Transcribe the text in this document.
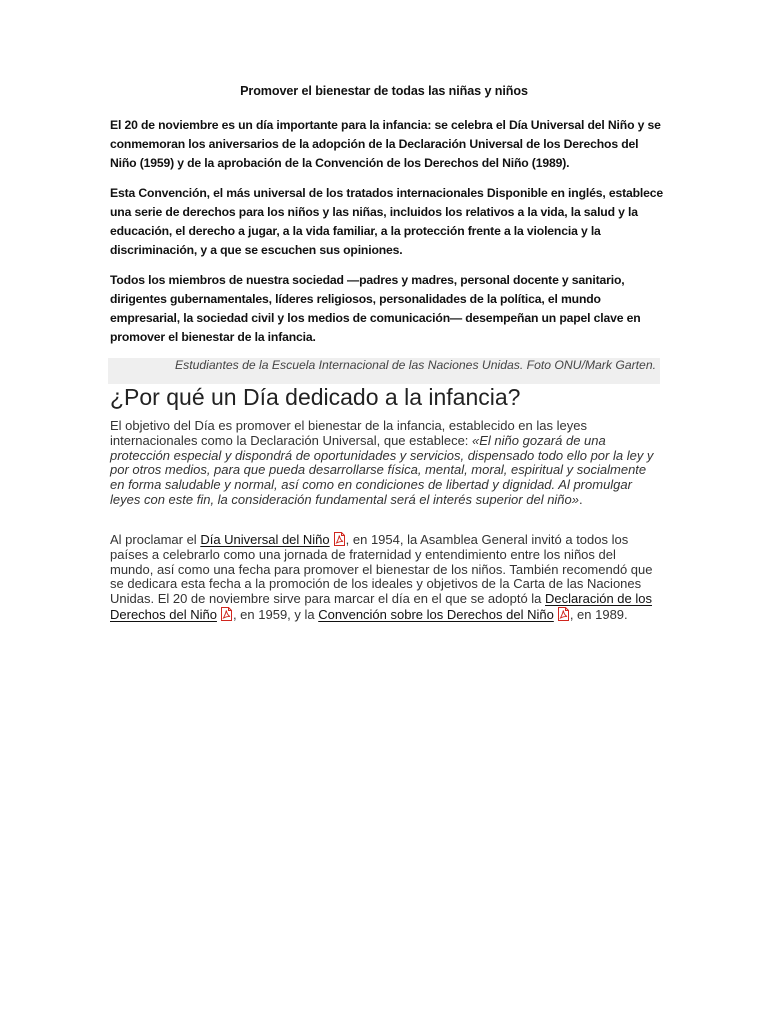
Promover el bienestar de todas las niñas y niños

El 20 de noviembre es un día importante para la infancia: se celebra el Día Universal del Niño y se conmemoran los aniversarios de la adopción de la Declaración Universal de los Derechos del Niño (1959) y de la aprobación de la Convención de los Derechos del Niño (1989).

Esta Convención, el más universal de los tratados internacionales Disponible en inglés, establece una serie de derechos para los niños y las niñas, incluidos los relativos a la vida, la salud y la educación, el derecho a jugar, a la vida familiar, a la protección frente a la violencia y la discriminación, y a que se escuchen sus opiniones.

Todos los miembros de nuestra sociedad —padres y madres, personal docente y sanitario, dirigentes gubernamentales, líderes religiosos, personalidades de la política, el mundo empresarial, la sociedad civil y los medios de comunicación— desempeñan un papel clave en promover el bienestar de la infancia.

Estudiantes de la Escuela Internacional de las Naciones Unidas. Foto ONU/Mark Garten.
¿Por qué un Día dedicado a la infancia?

El objetivo del Día es promover el bienestar de la infancia, establecido en las leyes internacionales como la Declaración Universal, que establece: «El niño gozará de una protección especial y dispondrá de oportunidades y servicios, dispensado todo ello por la ley y por otros medios, para que pueda desarrollarse física, mental, moral, espiritual y socialmente en forma saludable y normal, así como en condiciones de libertad y dignidad. Al promulgar leyes con este fin, la consideración fundamental será el interés superior del niño».

Al proclamar el Día Universal del Niño , en 1954, la Asamblea General invitó a todos los países a celebrarlo como una jornada de fraternidad y entendimiento entre los niños del mundo, así como una fecha para promover el bienestar de los niños. También recomendó que se dedicara esta fecha a la promoción de los ideales y objetivos de la Carta de las Naciones Unidas. El 20 de noviembre sirve para marcar el día en el que se adoptó la Declaración de los Derechos del Niño , en 1959, y la Convención sobre los Derechos del Niño , en 1989.
